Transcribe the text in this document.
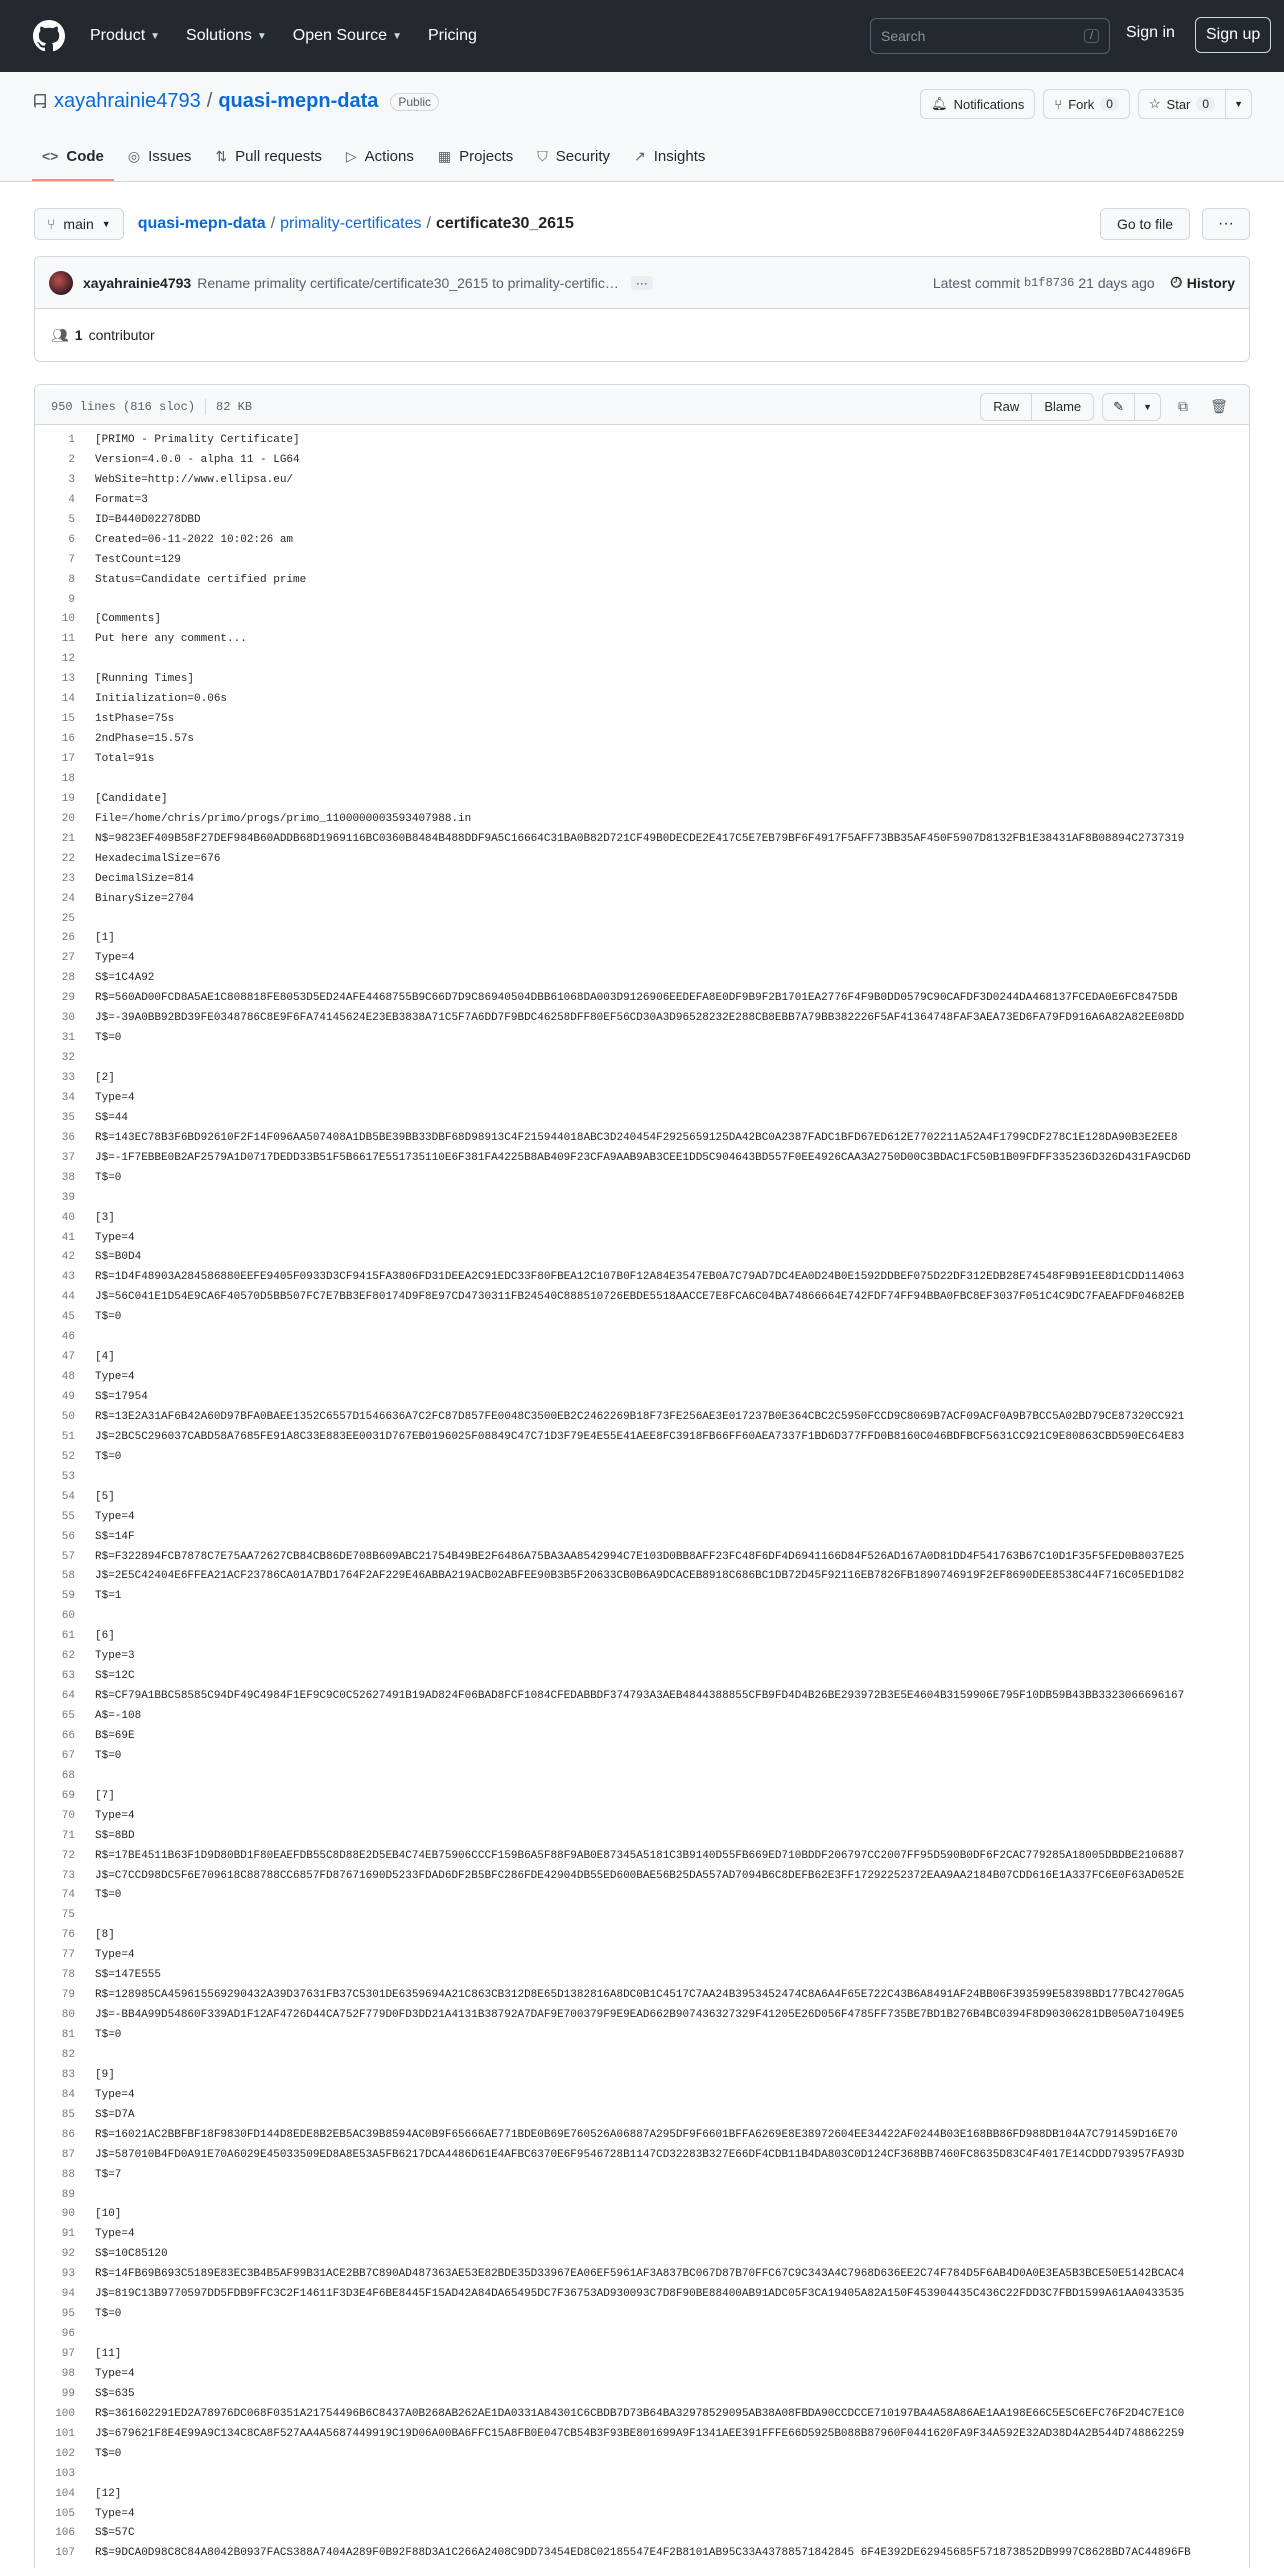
Product ▼ Solutions ▼ Open Source ▼ Pricing	Search	/	Sign in	Sign up
xayahrainie4793 / quasi-mepn-data	Public	🔔︎ Notifications ⑂ Fork	0	☆ Star	0	▼
<> Code ◎ Issues ⇅ Pull requests ▷ Actions ▦ Projects ⛉ Security ↗ Insights
⑂ main ▼ quasi-mepn-data / primality-certificates / certificate30_2615	Go to file	···
xayahrainie4793 Rename primality certificate/certificate30_2615 to primality-certific…	···	Latest commit b1f8736 21 days ago 🕘︎ History
👥︎ 1 contributor
950 lines (816 sloc) 82 KB	Raw	Blame	✎	▼	⧉	🗑︎
1	[PRIMO - Primality Certificate]
2	Version=4.0.0 - alpha 11 - LG64
3	WebSite=http://www.ellipsa.eu/
4	Format=3
5	ID=B440D02278DBD
6	Created=06-11-2022 10:02:26 am
7	TestCount=129
8	Status=Candidate certified prime
9
10	[Comments]
11	Put here any comment...
12
13	[Running Times]
14	Initialization=0.06s
15	1stPhase=75s
16	2ndPhase=15.57s
17	Total=91s
18
19	[Candidate]
20	File=/home/chris/primo/progs/primo_1100000003593407988.in
21	N$=9823EF409B58F27DEF984B60ADDB68D1969116BC0360B8484B488DDF9A5C16664C31BA0B82D721CF49B0DECDE2E417C5E7EB79BF6F4917F5AFF73BB35AF450F5907D8132FB1E38431AF8B08894C2737319
22	HexadecimalSize=676
23	DecimalSize=814
24	BinarySize=2704
25
26	[1]
27	Type=4
28	S$=1C4A92
29	R$=560AD00FCD8A5AE1C808818FE8053D5ED24AFE4468755B9C66D7D9C86940504DBB61068DA003D9126906EEDEFA8E0DF9B9F2B1701EA2776F4F9B0DD0579C90CAFDF3D0244DA468137FCEDA0E6FC8475DB
30	J$=-39A0BB92BD39FE0348786C8E9F6FA74145624E23EB3838A71C5F7A6DD7F9BDC46258DFF80EF56CD30A3D96528232E288CB8EBB7A79BB382226F5AF41364748FAF3AEA73ED6FA79FD916A6A82A82EE08DD
31	T$=0
32
33	[2]
34	Type=4
35	S$=44
36	R$=143EC78B3F6BD92610F2F14F096AA507408A1DB5BE39BB33DBF68D98913C4F215944018ABC3D240454F2925659125DA42BC0A2387FADC1BFD67ED612E7702211A52A4F1799CDF278C1E128DA90B3E2EE8
37	J$=-1F7EBBE0B2AF2579A1D0717DEDD33B51F5B6617E551735110E6F381FA4225B8AB409F23CFA9AAB9AB3CEE1DD5C904643BD557F0EE4926CAA3A2750D00C3BDAC1FC50B1B09FDFF335236D326D431FA9CD6D
38	T$=0
39
40	[3]
41	Type=4
42	S$=B0D4
43	R$=1D4F48903A284586880EEFE9405F0933D3CF9415FA3806FD31DEEA2C91EDC33F80FBEA12C107B0F12A84E3547EB0A7C79AD7DC4EA0D24B0E1592DDBEF075D22DF312EDB28E74548F9B91EE8D1CDD114063
44	J$=56C041E1D54E9CA6F40570D5BB507FC7E7BB3EF80174D9F8E97CD4730311FB24540C888510726EBDE5518AACCE7E8FCA6C04BA74866664E742FDF74FF94BBA0FBC8EF3037F051C4C9DC7FAEAFDF04682EB
45	T$=0
46
47	[4]
48	Type=4
49	S$=17954
50	R$=13E2A31AF6B42A60D97BFA0BAEE1352C6557D1546636A7C2FC87D857FE0048C3500EB2C2462269B18F73FE256AE3E017237B0E364CBC2C5950FCCD9C8069B7ACF09ACF0A9B7BCC5A02BD79CE87320CC921
51	J$=2BC5C296037CABD58A7685FE91A8C33E883EE0031D767EB0196025F08849C47C71D3F79E4E55E41AEE8FC3918FB66FF60AEA7337F1BD6D377FFD0B8160C046BDFBCF5631CC921C9E80863CBD590EC64E83
52	T$=0
53
54	[5]
55	Type=4
56	S$=14F
57	R$=F322894FCB7878C7E75AA72627CB84CB86DE708B609ABC21754B49BE2F6486A75BA3AA8542994C7E103D0BB8AFF23FC48F6DF4D6941166D84F526AD167A0D81DD4F541763B67C10D1F35F5FED0B8037E25
58	J$=2E5C42404E6FFEA21ACF23786CA01A7BD1764F2AF229E46ABBA219ACB02ABFEE90B3B5F20633CB0B6A9DCACEB8918C686BC1DB72D45F92116EB7826FB1890746919F2EF8690DEE8538C44F716C05ED1D82
59	T$=1
60
61	[6]
62	Type=3
63	S$=12C
64	R$=CF79A1BBC58585C94DF49C4984F1EF9C9C0C52627491B19AD824F06BAD8FCF1084CFEDABBDF374793A3AEB4844388855CFB9FD4D4B26BE293972B3E5E4604B3159906E795F10DB59B43BB3323066696167
65	A$=-108
66	B$=69E
67	T$=0
68
69	[7]
70	Type=4
71	S$=8BD
72	R$=17BE4511B63F1D9D80BD1F80EAEFDB55C8D88E2D5EB4C74EB75906CCCF159B6A5F88F9AB0E87345A5181C3B9140D55FB669ED710BDDF206797CC2007FF95D590B0DF6F2CAC779285A18005DBDBE2106887
73	J$=C7CCD98DC5F6E709618C88788CC6857FD87671690D5233FDAD6DF2B5BFC286FDE42904DB55ED600BAE56B25DA557AD7094B6C8DEFB62E3FF17292252372EAA9AA2184B07CDD616E1A337FC6E0F63AD052E
74	T$=0
75
76	[8]
77	Type=4
78	S$=147E555
79	R$=128985CA459615569290432A39D37631FB37C5301DE6359694A21C863CB312D8E65D1382816A8DC0B1C4517C7AA24B3953452474C8A6A4F65E722C43B6A8491AF24BB06F393599E58398BD177BC4270GA5
80	J$=-BB4A99D54860F339AD1F12AF4726D44CA752F779D0FD3DD21A4131B38792A7DAF9E700379F9E9EAD662B907436327329F41205E26D056F4785FF735BE7BD1B276B4BC0394F8D90306281DB050A71049E5
81	T$=0
82
83	[9]
84	Type=4
85	S$=D7A
86	R$=16021AC2BBFBF18F9830FD144D8EDE8B2EB5AC39B8594AC0B9F65666AE771BDE0B69E760526A06887A295DF9F6601BFFA6269E8E38972604EE34422AF0244B03E168BB86FD988DB104A7C791459D16E70
87	J$=587010B4FD0A91E70A6029E45033509ED8A8E53A5FB6217DCA4486D61E4AFBC6370E6F9546728B1147CD32283B327E66DF4CDB11B4DA803C0D124CF368BB7460FC8635D83C4F4017E14CDDD793957FA93D
88	T$=7
89
90	[10]
91	Type=4
92	S$=10C85120
93	R$=14FB69B693C5189E83EC3B4B5AF99B31ACE2BB7C890AD487363AE53E82BDE35D33967EA06EF5961AF3A837BC067D87B70FFC67C9C343A4C7968D636EE2C74F784D5F6AB4D0A0E3EA5B3BCE50E5142BCAC4
94	J$=819C13B9770597DD5FDB9FFC3C2F14611F3D3E4F6BE8445F15AD42A84DA65495DC7F36753AD930093C7D8F90BE88400AB91ADC05F3CA19405A82A150F453904435C436C22FDD3C7FBD1599A61AA0433535
95	T$=0
96
97	[11]
98	Type=4
99	S$=635
100	R$=361602291ED2A78976DC068F0351A21754496B6C8437A0B268AB262AE1DA0331A84301C6CBDB7D73B64BA32978529095AB38A08FBDA90CCDCCE710197BA4A58A86AE1AA198E66C5E5C6EFC76F2D4C7E1C0
101	J$=679621F8E4E99A9C134C8CA8F527AA4A5687449919C19D06A00BA6FFC15A8FB0E047CB54B3F93BE801699A9F1341AEE391FFFE66D5925B088B87960F0441620FA9F34A592E32AD38D4A2B544D748862259
102	T$=0
103
104	[12]
105	Type=4
106	S$=57C
107	R$=9DCA0D98C8C84A8042B0937FACS388A7404A289F0B92F88D3A1C266A2408C9DD73454ED8C02185547E4F2B8101AB95C33A43788571842845 6F4E392DE62945685F571873852DB9997C8628BD7AC44896FB
